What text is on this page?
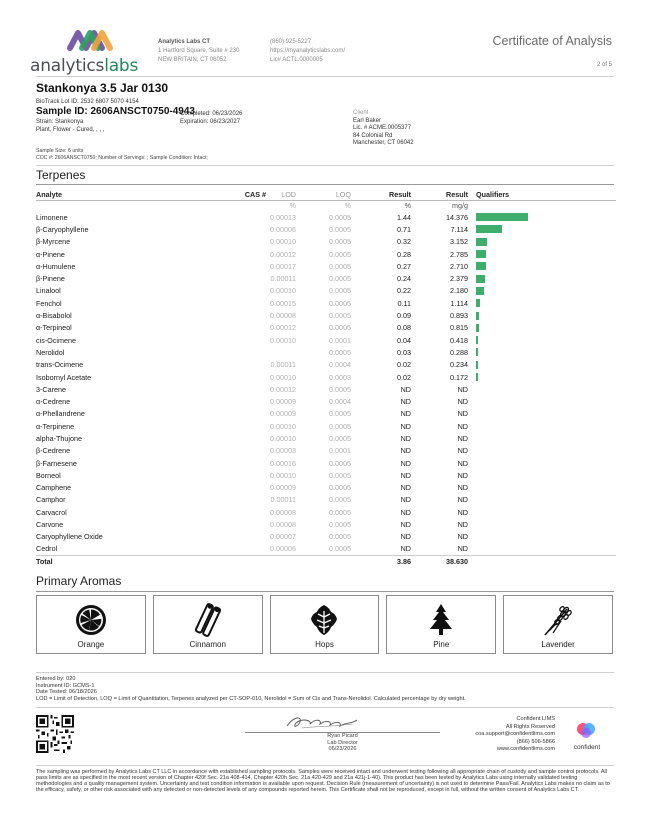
analyticslabs
Analytics Labs CT
1 Hartford Square, Suite # 230
NEW BRITAIN, CT 06052
(860) 925-5227
https://myanalyticslabs.com/
Lic# ACTL.0000005
Certificate of Analysis
2 of 5
Stankonya 3.5 Jar 0130
BioTrack Lot ID: 2532 6807 5070 4154
Sample ID: 2606ANSCT0750-4943
Strain: Stankonya
Plant, Flower - Cured, , , ,
Completed: 06/23/2026
Expiration: 06/23/2027
Client
Earl Baker
Lic. # ACME.0005377
84 Colonial Rd
Manchester, CT 06042
Sample Size: 6 units
COC #: 2606ANSCT0750; Number of Servings: ; Sample Condition: Intact;
Terpenes
Analyte	CAS #	LOD	LOQ	Result	Result		Qualifiers
		%	%	%	mg/g		
Limonene		0.00013	0.0005	1.44	14.376		

β-Caryophyllene		0.00006	0.0005	0.71	7.114		

β-Myrcene		0.00010	0.0005	0.32	3.152		

α-Pinene		0.00012	0.0005	0.28	2.785		

α-Humulene		0.00017	0.0005	0.27	2.710		

β-Pinene		0.00011	0.0005	0.24	2.379		

Linalool		0.00010	0.0005	0.22	2.180		

Fenchol		0.00015	0.0005	0.11	1.114		

α-Bisabolol		0.00008	0.0005	0.09	0.893		

α-Terpineol		0.00012	0.0005	0.08	0.815		

cis-Ocimene		0.00010	0.0001	0.04	0.418		

Nerolidol			0.0005	0.03	0.288		

trans-Ocimene		0.00011	0.0004	0.02	0.234		

Isobornyl Acetate		0.00010	0.0003	0.02	0.172		

3-Carene		0.00012	0.0005	ND	ND		
α-Cedrene		0.00009	0.0004	ND	ND		
α-Phellandrene		0.00009	0.0005	ND	ND		
α-Terpinene		0.00010	0.0005	ND	ND		
alpha-Thujone		0.00010	0.0005	ND	ND		
β-Cedrene		0.00003	0.0001	ND	ND		
β-Farnesene		0.00016	0.0005	ND	ND		
Borneol		0.00010	0.0005	ND	ND		
Camphene		0.00009	0.0005	ND	ND		
Camphor		0.00011	0.0005	ND	ND		
Carvacrol		0.00008	0.0005	ND	ND		
Carvone		0.00008	0.0005	ND	ND		
Caryophyllene Oxide		0.00007	0.0005	ND	ND		
Cedrol		0.00006	0.0005	ND	ND		
Total				3.86	38.630		
Primary Aromas
Orange	Cinnamon	Hops	Pine	Lavender
Entered by: 020
Instrument ID: GCMS-1
Date Tested: 06/18/2026
LOD = Limit of Detection, LOQ = Limit of Quantitation, Terpenes analyzed per CT-SOP-010, Nerolidol = Sum of Cis and Trans-Nerolidol. Calculated percentage by dry weight.
Ryan Picard
Lab Director
06/23/2026
Confident LIMS
All Rights Reserved
coa.support@confidentlims.com
(866) 506-5866
www.confidentlims.com	confident
The sampling was performed by Analytics Labs CT LLC in accordance with established sampling protocols. Samples were received intact and underwent testing following all appropriate chain of custody and sample control protocols. All pass limits are as specified in the most recent version of Chapter 420f Sec. 21a 408-414, Chapter 420h Sec. 21a 420-429 and 21a 421j-1-40). This product has been tested by Analytics Labs using internally validated testing methodologies and a quality management system. Uncertainty and test condition information is available upon request. Decision Rule (measurement of uncertainty) is not used to determine Pass/Fail. Analytics Labs makes no claim as to the efficacy, safety, or other risk associated with any detected or non-detected levels of any compounds reported herein. This Certificate shall not be reproduced, except in full, without the written consent of Analytics Labs CT.
